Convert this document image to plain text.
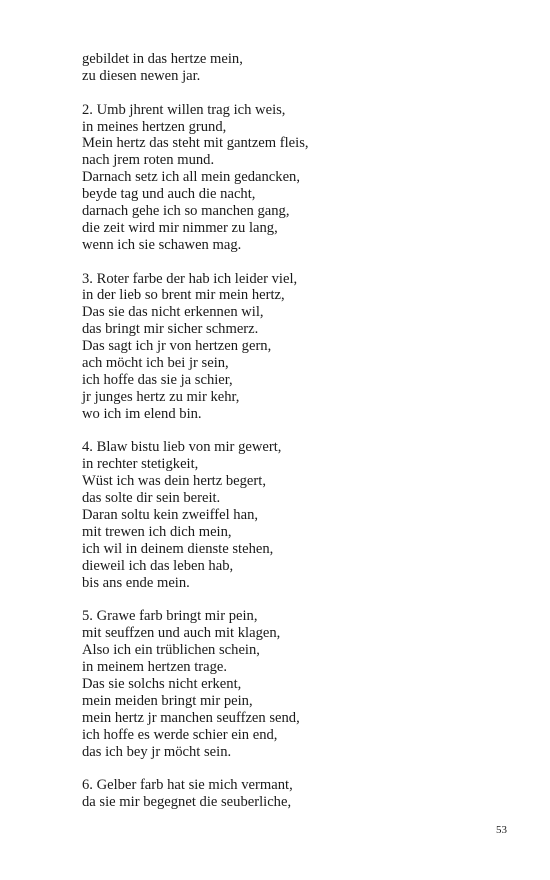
gebildet in das hertze mein,
zu diesen newen jar.
2. Umb jhrent willen trag ich weis,
in meines hertzen grund,
Mein hertz das steht mit gantzem fleis,
nach jrem roten mund.
Darnach setz ich all mein gedancken,
beyde tag und auch die nacht,
darnach gehe ich so manchen gang,
die zeit wird mir nimmer zu lang,
wenn ich sie schawen mag.
3. Roter farbe der hab ich leider viel,
in der lieb so brent mir mein hertz,
Das sie das nicht erkennen wil,
das bringt mir sicher schmerz.
Das sagt ich jr von hertzen gern,
ach möcht ich bei jr sein,
ich hoffe das sie ja schier,
jr junges hertz zu mir kehr,
wo ich im elend bin.
4. Blaw bistu lieb von mir gewert,
in rechter stetigkeit,
Wüst ich was dein hertz begert,
das solte dir sein bereit.
Daran soltu kein zweiffel han,
mit trewen ich dich mein,
ich wil in deinem dienste stehen,
dieweil ich das leben hab,
bis ans ende mein.
5. Grawe farb bringt mir pein,
mit seuffzen und auch mit klagen,
Also ich ein trüblichen schein,
in meinem hertzen trage.
Das sie solchs nicht erkent,
mein meiden bringt mir pein,
mein hertz jr manchen seuffzen send,
ich hoffe es werde schier ein end,
das ich bey jr möcht sein.
6. Gelber farb hat sie mich vermant,
da sie mir begegnet die seuberliche,
53
